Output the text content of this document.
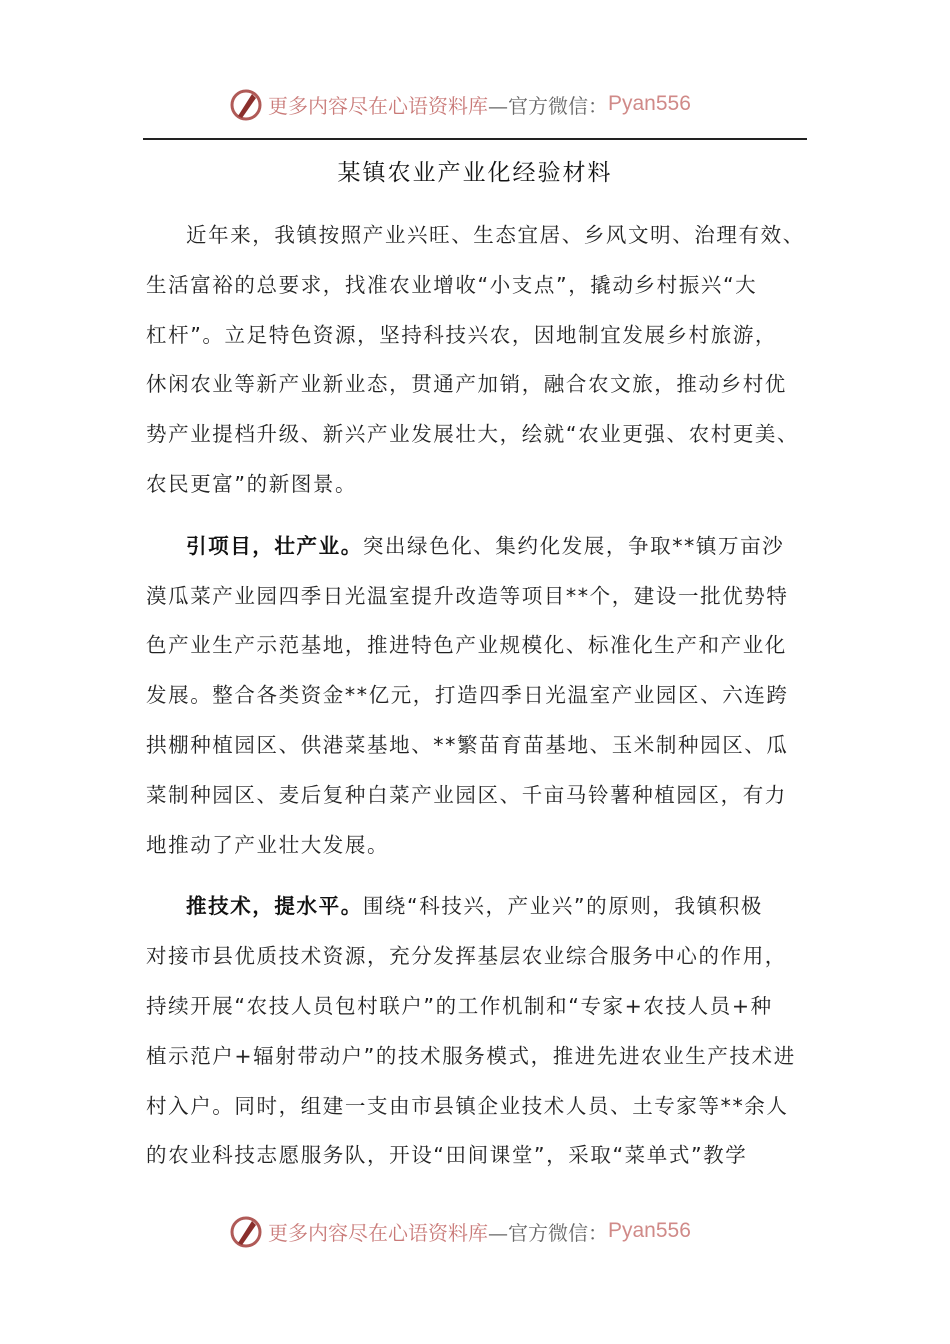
更多内容尽在心语资料库 —官方微信： Pyan556
某镇农业产业化经验材料
近年来，我镇按照产业兴旺、生态宜居、乡风文明、治理有效、
生活富裕的总要求，找准农业增收“小支点”，撬动乡村振兴“大
杠杆”。立足特色资源，坚持科技兴农，因地制宜发展乡村旅游，
休闲农业等新产业新业态，贯通产加销，融合农文旅，推动乡村优
势产业提档升级、新兴产业发展壮大，绘就“农业更强、农村更美、
农民更富”的新图景。
引项目，壮产业。突出绿色化、集约化发展，争取**镇万亩沙
漠瓜菜产业园四季日光温室提升改造等项目**个，建设一批优势特
色产业生产示范基地，推进特色产业规模化、标准化生产和产业化
发展。整合各类资金**亿元，打造四季日光温室产业园区、六连跨
拱棚种植园区、供港菜基地、**繁苗育苗基地、玉米制种园区、瓜
菜制种园区、麦后复种白菜产业园区、千亩马铃薯种植园区，有力
地推动了产业壮大发展。
推技术，提水平。围绕“科技兴，产业兴”的原则，我镇积极
对接市县优质技术资源，充分发挥基层农业综合服务中心的作用，
持续开展“农技人员包村联户”的工作机制和“专家+农技人员+种
植示范户+辐射带动户”的技术服务模式，推进先进农业生产技术进
村入户。同时，组建一支由市县镇企业技术人员、土专家等**余人
的农业科技志愿服务队，开设“田间课堂”，采取“菜单式”教学
更多内容尽在心语资料库 —官方微信： Pyan556
